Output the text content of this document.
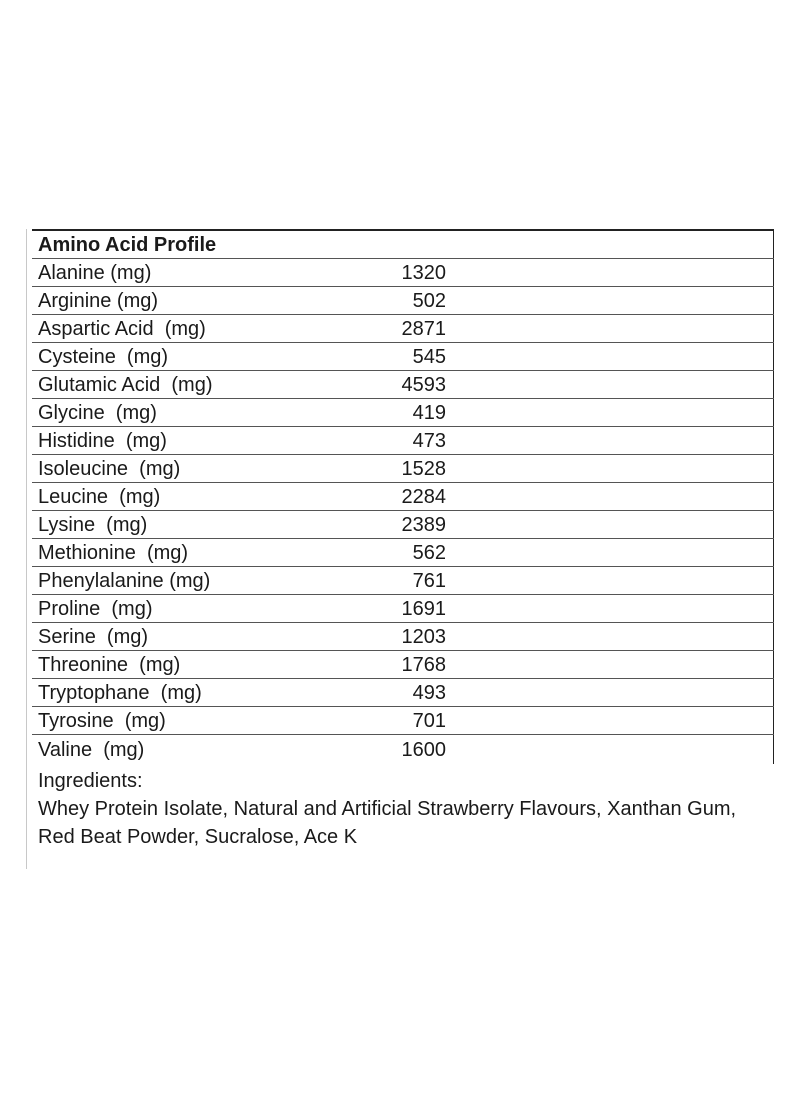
Amino Acid Profile
Alanine (mg)	1320
Arginine (mg)	502
Aspartic Acid  (mg)	2871
Cysteine  (mg)	545
Glutamic Acid  (mg)	4593
Glycine  (mg)	419
Histidine  (mg)	473
Isoleucine  (mg)	1528
Leucine  (mg)	2284
Lysine  (mg)	2389
Methionine  (mg)	562
Phenylalanine (mg)	761
Proline  (mg)	1691
Serine  (mg)	1203
Threonine  (mg)	1768
Tryptophane  (mg)	493
Tyrosine  (mg)	701
Valine  (mg)	1600

Ingredients:

Whey Protein Isolate, Natural and Artificial Strawberry Flavours, Xanthan Gum, Red Beat Powder, Sucralose, Ace K
